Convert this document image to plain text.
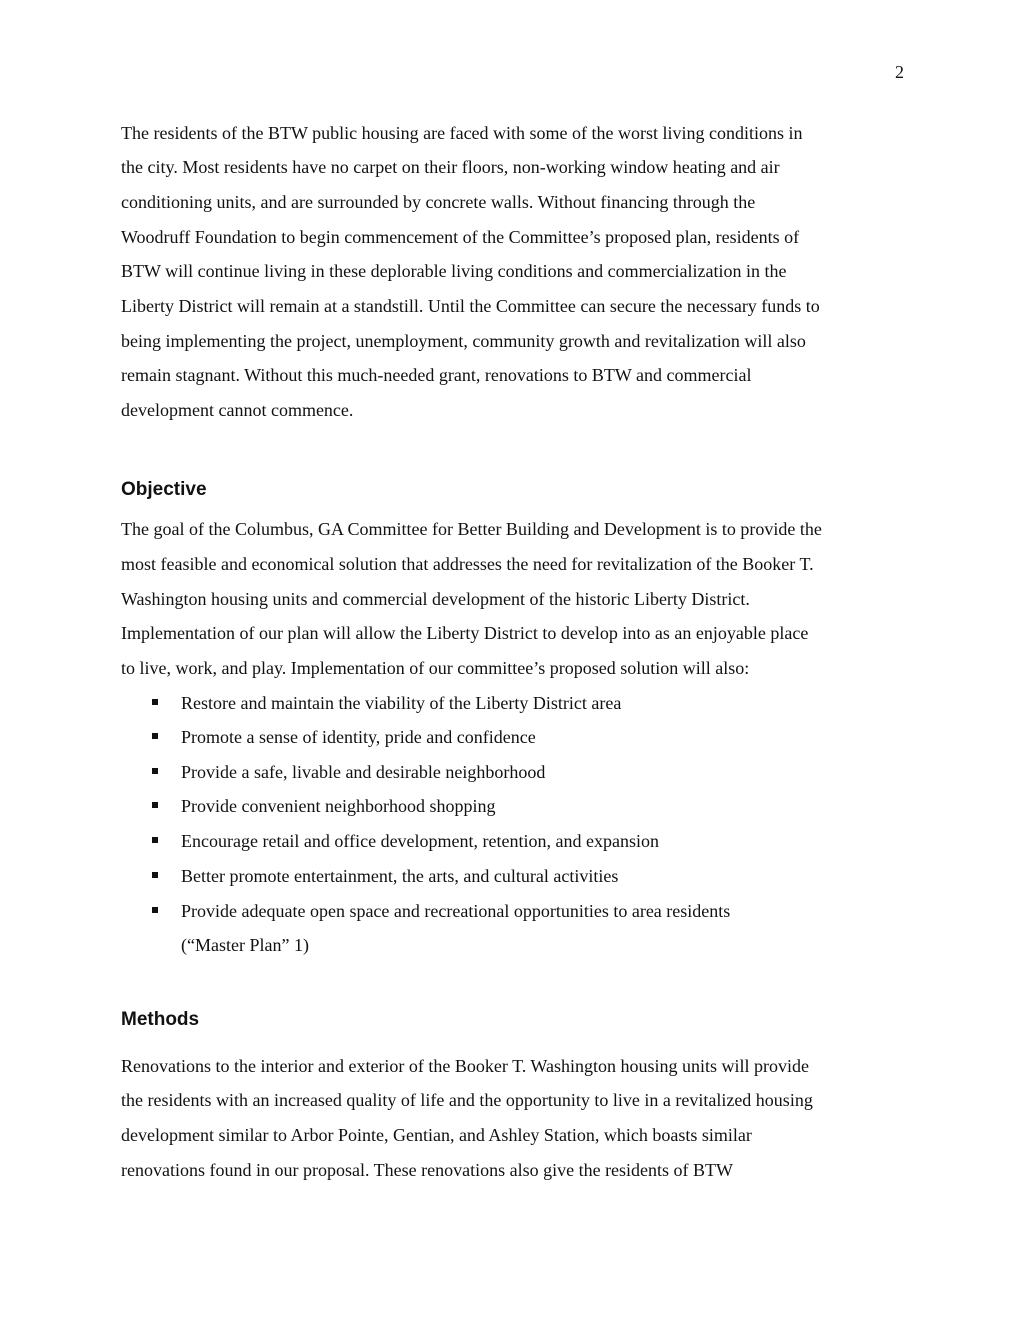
2
The residents of the BTW public housing are faced with some of the worst living conditions in
the city. Most residents have no carpet on their floors, non-working window heating and air
conditioning units, and are surrounded by concrete walls. Without financing through the
Woodruff Foundation to begin commencement of the Committee’s proposed plan, residents of
BTW will continue living in these deplorable living conditions and commercialization in the
Liberty District will remain at a standstill. Until the Committee can secure the necessary funds to
being implementing the project, unemployment, community growth and revitalization will also
remain stagnant. Without this much-needed grant, renovations to BTW and commercial
development cannot commence.
Objective
The goal of the Columbus, GA Committee for Better Building and Development is to provide the
most feasible and economical solution that addresses the need for revitalization of the Booker T.
Washington housing units and commercial development of the historic Liberty District.
Implementation of our plan will allow the Liberty District to develop into as an enjoyable place
to live, work, and play. Implementation of our committee’s proposed solution will also:
Restore and maintain the viability of the Liberty District area
Promote a sense of identity, pride and confidence
Provide a safe, livable and desirable neighborhood
Provide convenient neighborhood shopping
Encourage retail and office development, retention, and expansion
Better promote entertainment, the arts, and cultural activities
Provide adequate open space and recreational opportunities to area residents
(“Master Plan” 1)
Methods
Renovations to the interior and exterior of the Booker T. Washington housing units will provide
the residents with an increased quality of life and the opportunity to live in a revitalized housing
development similar to Arbor Pointe, Gentian, and Ashley Station, which boasts similar
renovations found in our proposal. These renovations also give the residents of BTW
